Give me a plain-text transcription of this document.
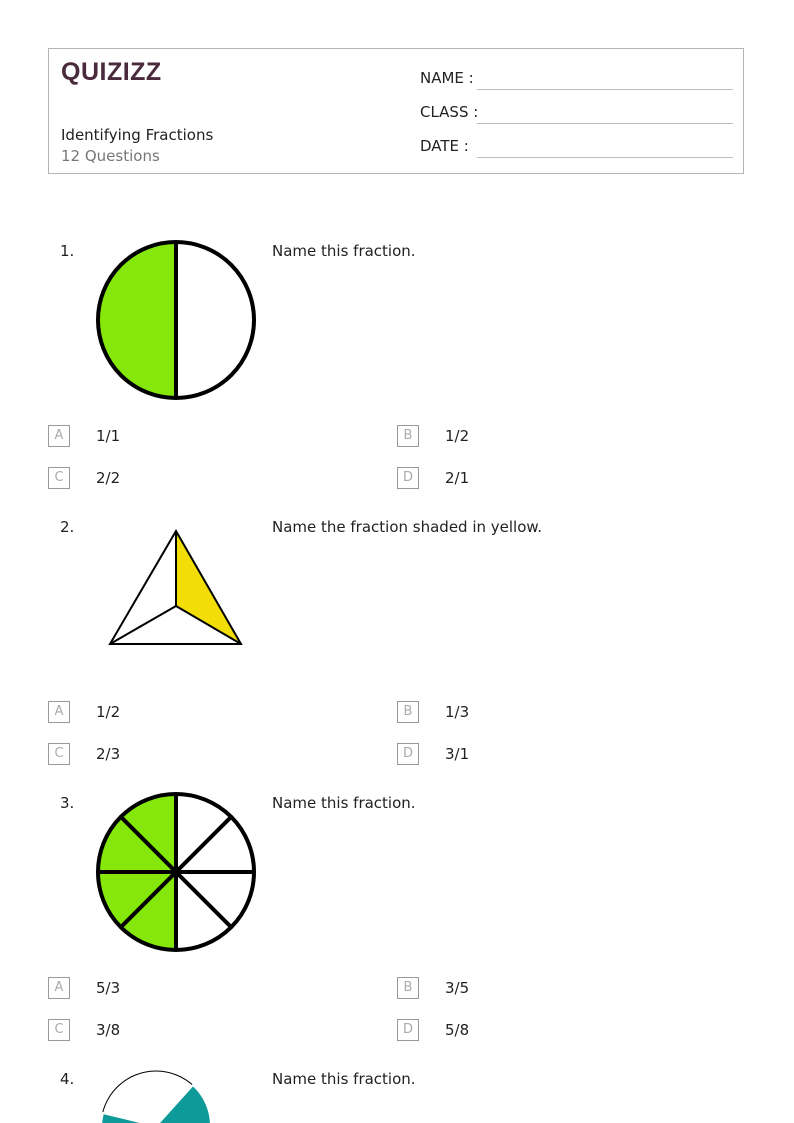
QUIZIZZ
Identifying Fractions
12 Questions
NAME :
CLASS :
DATE :
1.	Name this fraction.
A	1/1	B	1/2
C	2/2	D	2/1
2.	Name the fraction shaded in yellow.
A	1/2	B	1/3
C	2/3	D	3/1
3.	Name this fraction.
A	5/3	B	3/5
C	3/8	D	5/8
4.	Name this fraction.
